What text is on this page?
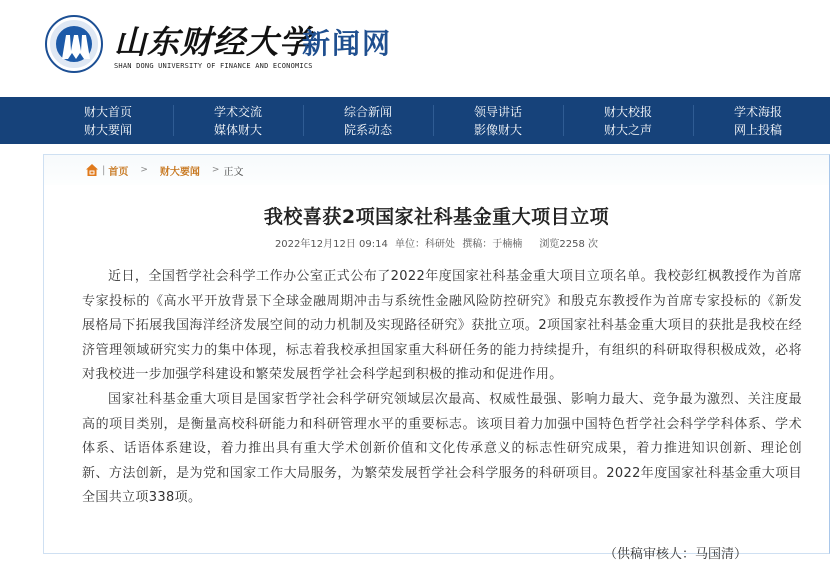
山东财经大学
SHAN DONG UNIVERSITY OF FINANCE AND ECONOMICS
新闻网
财大首页
财大要闻
学术交流
媒体财大
综合新闻
院系动态
领导讲话
影像财大
财大校报
财大之声
学术海报
网上投稿
| 首页 > 财大要闻 > 正文
我校喜获2项国家社科基金重大项目立项
2022年12月12日 09:14 单位：科研处 撰稿：于楠楠 浏览2258 次

近日，全国哲学社会科学工作办公室正式公布了2022年度国家社科基金重大项目立项名单。我校彭红枫教授作为首席专家投标的《高水平开放背景下全球金融周期冲击与系统性金融风险防控研究》和殷克东教授作为首席专家投标的《新发展格局下拓展我国海洋经济发展空间的动力机制及实现路径研究》获批立项。2项国家社科基金重大项目的获批是我校在经济管理领域研究实力的集中体现，标志着我校承担国家重大科研任务的能力持续提升，有组织的科研取得积极成效，必将对我校进一步加强学科建设和繁荣发展哲学社会科学起到积极的推动和促进作用。

国家社科基金重大项目是国家哲学社会科学研究领域层次最高、权威性最强、影响力最大、竞争最为激烈、关注度最高的项目类别，是衡量高校科研能力和科研管理水平的重要标志。该项目着力加强中国特色哲学社会科学学科体系、学术体系、话语体系建设，着力推出具有重大学术创新价值和文化传承意义的标志性研究成果，着力推进知识创新、理论创新、方法创新，是为党和国家工作大局服务，为繁荣发展哲学社会科学服务的科研项目。2022年度国家社科基金重大项目全国共立项338项。

（供稿审核人：马国清）
